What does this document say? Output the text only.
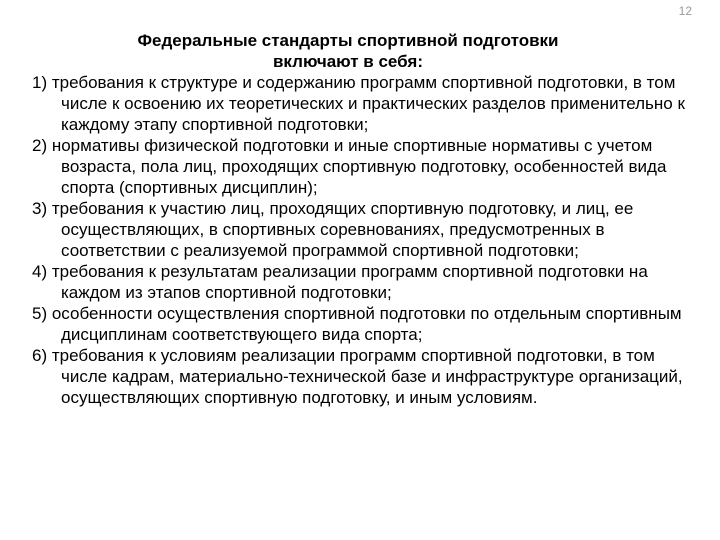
12
Федеральные стандарты спортивной подготовки
включают в себя:
1) требования к структуре и содержанию программ спортивной подготовки, в том числе к освоению их теоретических и практических разделов применительно к каждому этапу спортивной подготовки;
2) нормативы физической подготовки и иные спортивные нормативы с учетом возраста, пола лиц, проходящих спортивную подготовку, особенностей вида спорта (спортивных дисциплин);
3) требования к участию лиц, проходящих спортивную подготовку, и лиц, ее осуществляющих, в спортивных соревнованиях, предусмотренных в соответствии с реализуемой программой спортивной подготовки;
4) требования к результатам реализации программ спортивной подготовки на каждом из этапов спортивной подготовки;
5) особенности осуществления спортивной подготовки по отдельным спортивным дисциплинам соответствующего вида спорта;
6) требования к условиям реализации программ спортивной подготовки, в том числе кадрам, материально-технической базе и инфраструктуре организаций, осуществляющих спортивную подготовку, и иным условиям.
